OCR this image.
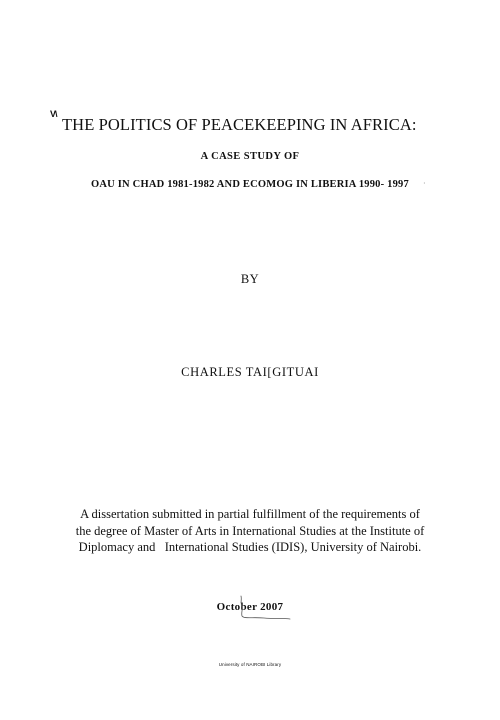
V\
THE POLITICS OF PEACEKEEPING IN AFRICA:
A CASE STUDY OF
OAU IN CHAD 1981-1982 AND ECOMOG IN LIBERIA 1990- 1997	·
BY
CHARLES TAI[GITUAI
A dissertation submitted in partial fulfillment of the requirements of
the degree of Master of Arts in International Studies at the Institute of
Diplomacy and   International Studies (IDIS), University of Nairobi.
October 2007
University of NAIROBI Library
